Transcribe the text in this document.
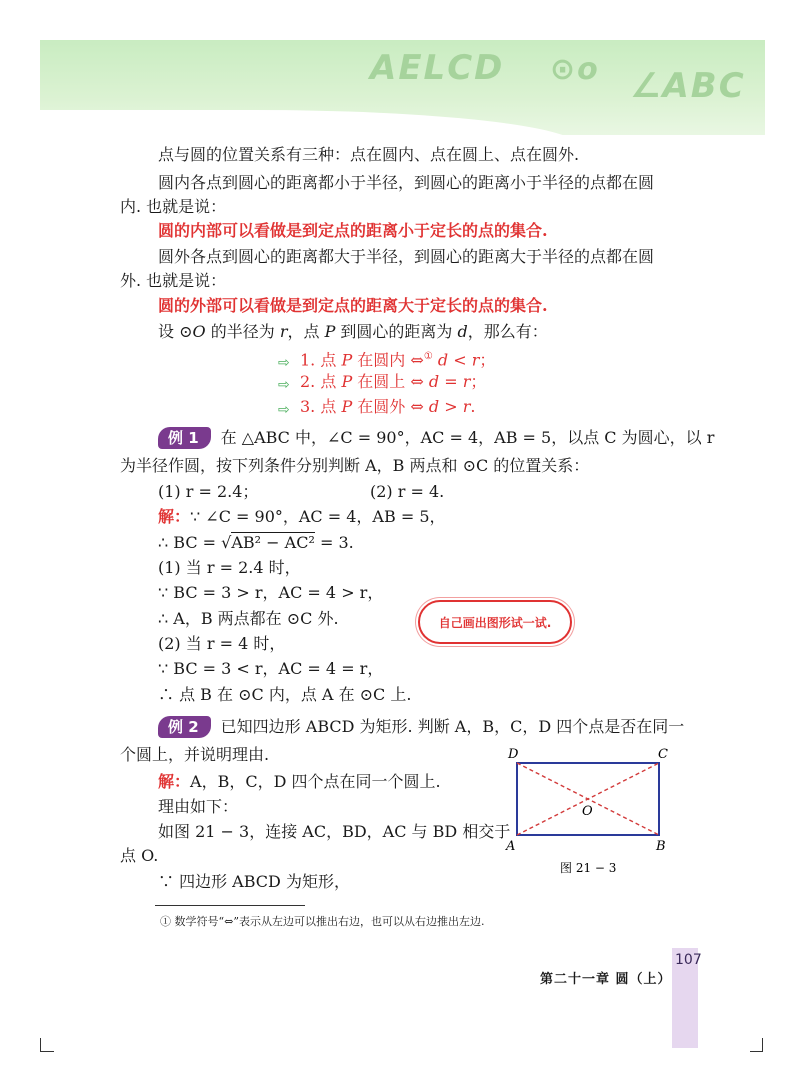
AELCD ⊙o ∠ABC
点与圆的位置关系有三种：点在圆内、点在圆上、点在圆外.
圆内各点到圆心的距离都小于半径，到圆心的距离小于半径的点都在圆
内. 也就是说：
圆的内部可以看做是到定点的距离小于定长的点的集合.
圆外各点到圆心的距离都大于半径，到圆心的距离大于半径的点都在圆
外. 也就是说：
圆的外部可以看做是到定点的距离大于定长的点的集合.
设 ⊙O 的半径为 r，点 P 到圆心的距离为 d，那么有：
⇨ 1. 点 P 在圆内 ⇔① d < r；
⇨ 2. 点 P 在圆上 ⇔ d = r；
⇨ 3. 点 P 在圆外 ⇔ d > r.
例 1 在 △ABC 中，∠C = 90°，AC = 4，AB = 5，以点 C 为圆心，以 r
为半径作圆，按下列条件分别判断 A，B 两点和 ⊙C 的位置关系：
(1) r = 2.4；	(2) r = 4.
解：∵ ∠C = 90°，AC = 4，AB = 5，
∴ BC = √AB² − AC² = 3.
(1) 当 r = 2.4 时，
∵ BC = 3 > r，AC = 4 > r，
∴ A，B 两点都在 ⊙C 外.
(2) 当 r = 4 时，
∵ BC = 3 < r，AC = 4 = r，
∴ 点 B 在 ⊙C 内，点 A 在 ⊙C 上.
自己画出图形试一试.
例 2 已知四边形 ABCD 为矩形. 判断 A，B，C，D 四个点是否在同一
个圆上，并说明理由.
解：A，B，C，D 四个点在同一个圆上.
理由如下：
如图 21 − 3，连接 AC，BD，AC 与 BD 相交于
点 O.
∵ 四边形 ABCD 为矩形，
D	C
A	B
O
图 21 − 3
① 数学符号“⇔”表示从左边可以推出右边，也可以从右边推出左边.
第二十一章 圆（上）
107
